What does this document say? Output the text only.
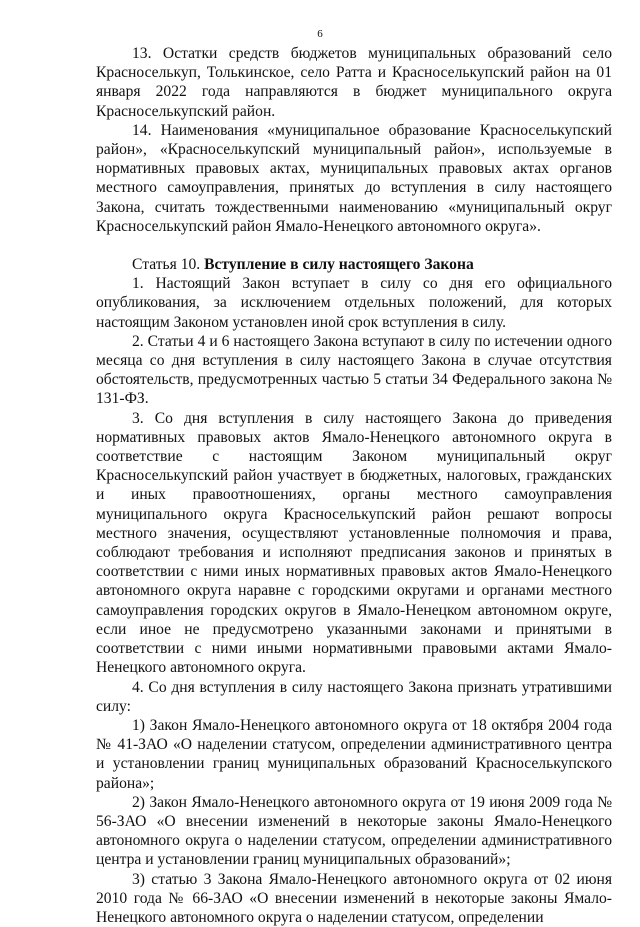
6

13. Остатки средств бюджетов муниципальных образований село Красноселькуп, Толькинское, село Ратта и Красноселькупский район на 01 января 2022 года направляются в бюджет муниципального округа Красноселькупский район.

14. Наименования «муниципальное образование Красноселькупский район», «Красноселькупский муниципальный район», используемые в нормативных правовых актах, муниципальных правовых актах органов местного самоуправления, принятых до вступления в силу настоящего Закона, считать тождественными наименованию «муниципальный округ Красноселькупский район Ямало-Ненецкого автономного округа».

Статья 10. Вступление в силу настоящего Закона

1. Настоящий Закон вступает в силу со дня его официального опубликования, за исключением отдельных положений, для которых настоящим Законом установлен иной срок вступления в силу.

2. Статьи 4 и 6 настоящего Закона вступают в силу по истечении одного месяца со дня вступления в силу настоящего Закона в случае отсутствия обстоятельств, предусмотренных частью 5 статьи 34 Федерального закона № 131-ФЗ.

3. Со дня вступления в силу настоящего Закона до приведения нормативных правовых актов Ямало-Ненецкого автономного округа в соответствие с настоящим Законом муниципальный округ Красноселькупский район участвует в бюджетных, налоговых, гражданских и иных правоотношениях, органы местного самоуправления муниципального округа Красноселькупский район решают вопросы местного значения, осуществляют установленные полномочия и права, соблюдают требования и исполняют предписания законов и принятых в соответствии с ними иных нормативных правовых актов Ямало-Ненецкого автономного округа наравне с городскими округами и органами местного самоуправления городских округов в Ямало-Ненецком автономном округе, если иное не предусмотрено указанными законами и принятыми в соответствии с ними иными нормативными правовыми актами Ямало-Ненецкого автономного округа.

4. Со дня вступления в силу настоящего Закона признать утратившими силу:

1) Закон Ямало-Ненецкого автономного округа от 18 октября 2004 года № 41-ЗАО «О наделении статусом, определении административного центра и установлении границ муниципальных образований Красноселькупского района»;

2) Закон Ямало-Ненецкого автономного округа от 19 июня 2009 года № 56-ЗАО «О внесении изменений в некоторые законы Ямало-Ненецкого автономного округа о наделении статусом, определении административного центра и установлении границ муниципальных образований»;

3) статью 3 Закона Ямало-Ненецкого автономного округа от 02 июня 2010 года № 66-ЗАО «О внесении изменений в некоторые законы Ямало-Ненецкого автономного округа о наделении статусом, определении
